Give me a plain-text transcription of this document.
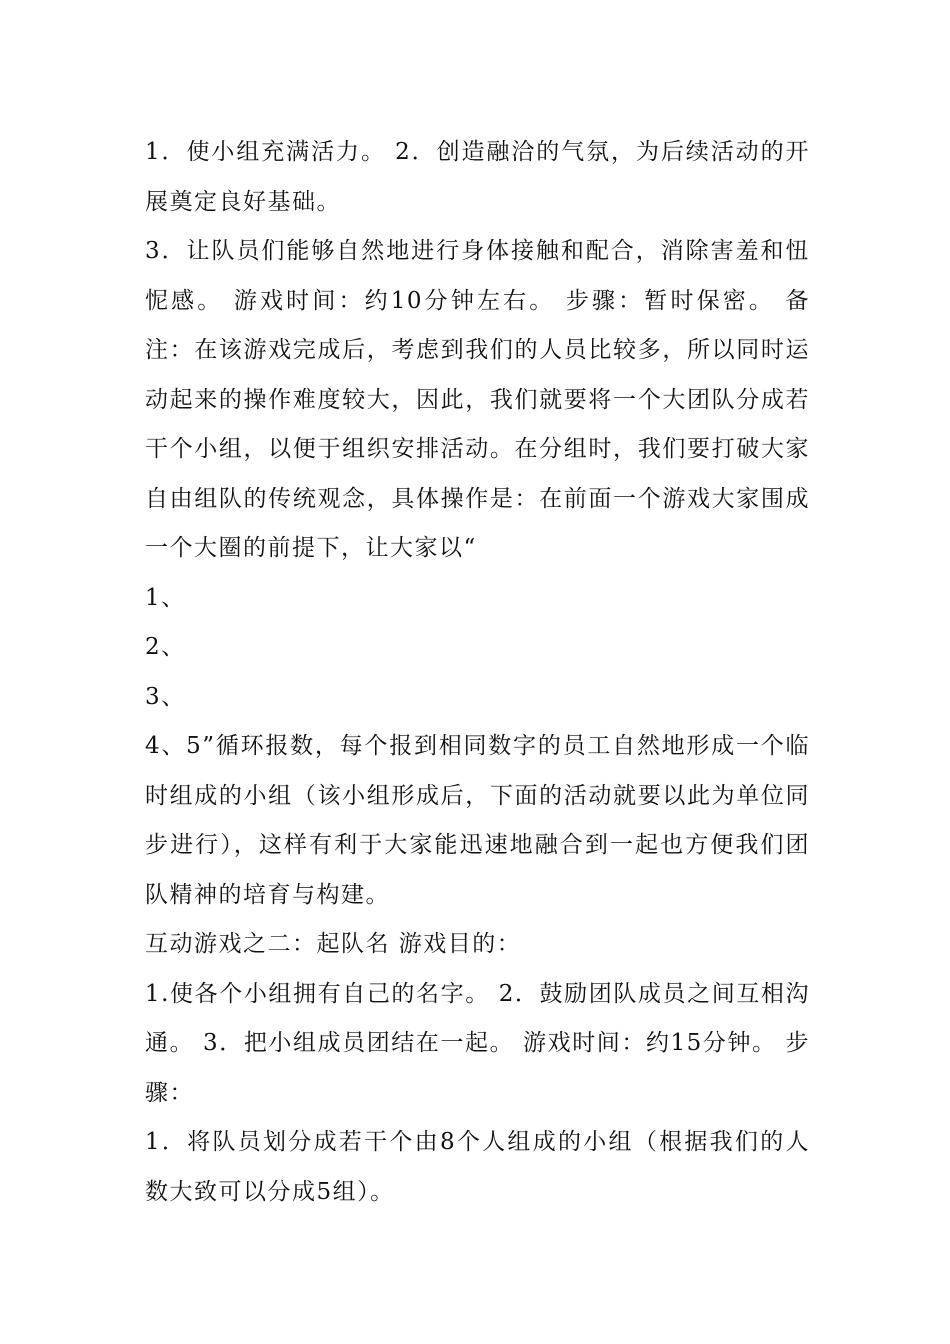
1．使小组充满活力。 2．创造融洽的气氛，为后续活动的开展奠定良好基础。

3．让队员们能够自然地进行身体接触和配合，消除害羞和忸怩感。 游戏时间：约10分钟左右。 步骤：暂时保密。 备注：在该游戏完成后，考虑到我们的人员比较多，所以同时运动起来的操作难度较大，因此，我们就要将一个大团队分成若干个小组，以便于组织安排活动。在分组时，我们要打破大家自由组队的传统观念，具体操作是：在前面一个游戏大家围成一个大圈的前提下，让大家以“

1、

2、

3、

4、5”循环报数，每个报到相同数字的员工自然地形成一个临时组成的小组（该小组形成后，下面的活动就要以此为单位同步进行），这样有利于大家能迅速地融合到一起也方便我们团队精神的培育与构建。

互动游戏之二：起队名 游戏目的：

1.使各个小组拥有自己的名字。 2．鼓励团队成员之间互相沟通。 3．把小组成员团结在一起。 游戏时间：约15分钟。 步骤：

1．将队员划分成若干个由8个人组成的小组（根据我们的人数大致可以分成5组）。
